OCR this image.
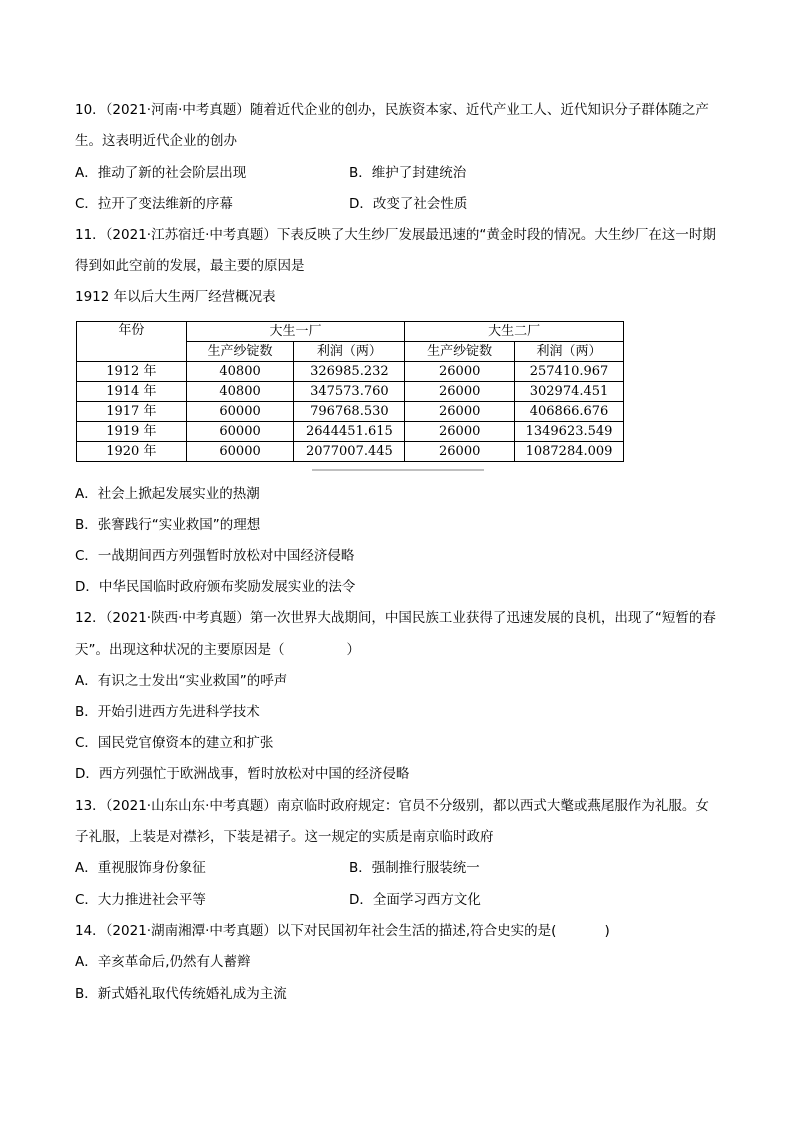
10．（2021·河南·中考真题）随着近代企业的创办，民族资本家、近代产业工人、近代知识分子群体随之产
生。这表明近代企业的创办
A．推动了新的社会阶层出现	B．维护了封建统治
C．拉开了变法维新的序幕	D．改变了社会性质
11．（2021·江苏宿迁·中考真题）下表反映了大生纱厂发展最迅速的“黄金时段的情况。大生纱厂在这一时期
得到如此空前的发展，最主要的原因是
1912 年以后大生两厂经营概况表
年份	大生一厂		大生二厂	
	生产纱锭数	利润（两）	生产纱锭数	利润（两）
1912 年	40800	326985.232	26000	257410.967
1914 年	40800	347573.760	26000	302974.451
1917 年	60000	796768.530	26000	406866.676
1919 年	60000	2644451.615	26000	1349623.549
1920 年	60000	2077007.445	26000	1087284.009
A．社会上掀起发展实业的热潮
B．张謇践行“实业救国”的理想
C．一战期间西方列强暂时放松对中国经济侵略
D．中华民国临时政府颁布奖励发展实业的法令
12．（2021·陕西·中考真题）第一次世界大战期间，中国民族工业获得了迅速发展的良机，出现了“短暂的春
天”。出现这种状况的主要原因是（	）
A．有识之士发出“实业救国”的呼声
B．开始引进西方先进科学技术
C．国民党官僚资本的建立和扩张
D．西方列强忙于欧洲战事，暂时放松对中国的经济侵略
13．（2021·山东山东·中考真题）南京临时政府规定：官员不分级别，都以西式大氅或燕尾服作为礼服。女
子礼服，上装是对襟衫，下装是裙子。这一规定的实质是南京临时政府
A．重视服饰身份象征	B．强制推行服装统一
C．大力推进社会平等	D．全面学习西方文化
14．（2021·湖南湘潭·中考真题）以下对民国初年社会生活的描述,符合史实的是(	)
A．辛亥革命后,仍然有人蓄辫
B．新式婚礼取代传统婚礼成为主流
